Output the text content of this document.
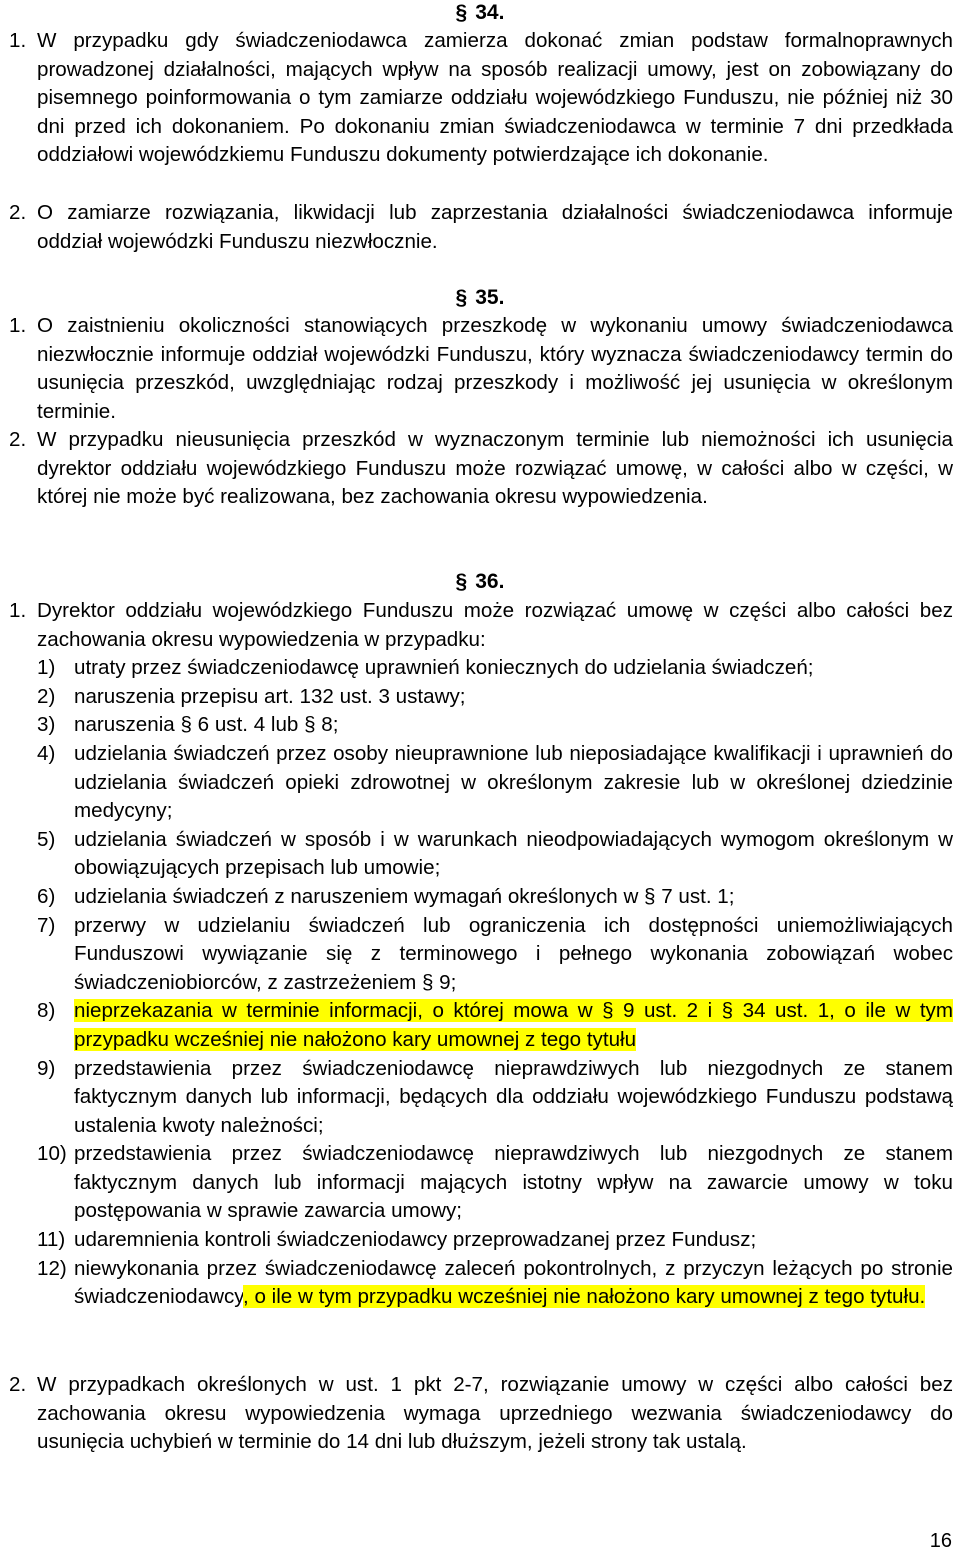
§ 34.
1. W przypadku gdy świadczeniodawca zamierza dokonać zmian podstaw formalnoprawnych prowadzonej działalności, mających wpływ na sposób realizacji umowy, jest on zobowiązany do pisemnego poinformowania o tym zamiarze oddziału wojewódzkiego Funduszu, nie później niż 30 dni przed ich dokonaniem. Po dokonaniu zmian świadczeniodawca w terminie 7 dni przedkłada oddziałowi wojewódzkiemu Funduszu dokumenty potwierdzające ich dokonanie.
2. O zamiarze rozwiązania, likwidacji lub zaprzestania działalności świadczeniodawca informuje oddział wojewódzki Funduszu niezwłocznie.
§ 35.
1. O zaistnieniu okoliczności stanowiących przeszkodę w wykonaniu umowy świadczeniodawca niezwłocznie informuje oddział wojewódzki Funduszu, który wyznacza świadczeniodawcy termin do usunięcia przeszkód, uwzględniając rodzaj przeszkody i możliwość jej usunięcia w określonym terminie.
2. W przypadku nieusunięcia przeszkód w wyznaczonym terminie lub niemożności ich usunięcia dyrektor oddziału wojewódzkiego Funduszu może rozwiązać umowę, w całości albo w części, w której nie może być realizowana, bez zachowania okresu wypowiedzenia.
§ 36.
1. Dyrektor oddziału wojewódzkiego Funduszu może rozwiązać umowę w części albo całości bez zachowania okresu wypowiedzenia w przypadku:
1) utraty przez świadczeniodawcę uprawnień koniecznych do udzielania świadczeń;
2) naruszenia przepisu art. 132 ust. 3 ustawy;
3) naruszenia § 6 ust. 4 lub § 8;
4) udzielania świadczeń przez osoby nieuprawnione lub nieposiadające kwalifikacji i uprawnień do udzielania świadczeń opieki zdrowotnej w określonym zakresie lub w określonej dziedzinie medycyny;
5) udzielania świadczeń w sposób i w warunkach nieodpowiadających wymogom określonym w obowiązujących przepisach lub umowie;
6) udzielania świadczeń z naruszeniem wymagań określonych w § 7 ust. 1;
7) przerwy w udzielaniu świadczeń lub ograniczenia ich dostępności uniemożliwiających Funduszowi wywiązanie się z terminowego i pełnego wykonania zobowiązań wobec świadczeniobiorców, z zastrzeżeniem § 9;
8) nieprzekazania w terminie informacji, o której mowa w § 9 ust. 2 i § 34 ust. 1, o ile w tym przypadku wcześniej nie nałożono kary umownej z tego tytułu
9) przedstawienia przez świadczeniodawcę nieprawdziwych lub niezgodnych ze stanem faktycznym danych lub informacji, będących dla oddziału wojewódzkiego Funduszu podstawą ustalenia kwoty należności;
10) przedstawienia przez świadczeniodawcę nieprawdziwych lub niezgodnych ze stanem faktycznym danych lub informacji mających istotny wpływ na zawarcie umowy w toku postępowania w sprawie zawarcia umowy;
11) udaremnienia kontroli świadczeniodawcy przeprowadzanej przez Fundusz;
12) niewykonania przez świadczeniodawcę zaleceń pokontrolnych, z przyczyn leżących po stronie świadczeniodawcy, o ile w tym przypadku wcześniej nie nałożono kary umownej z tego tytułu.
2. W przypadkach określonych w ust. 1 pkt 2-7, rozwiązanie umowy w części albo całości bez zachowania okresu wypowiedzenia wymaga uprzedniego wezwania świadczeniodawcy do usunięcia uchybień w terminie do 14 dni lub dłuższym, jeżeli strony tak ustalą.
16
